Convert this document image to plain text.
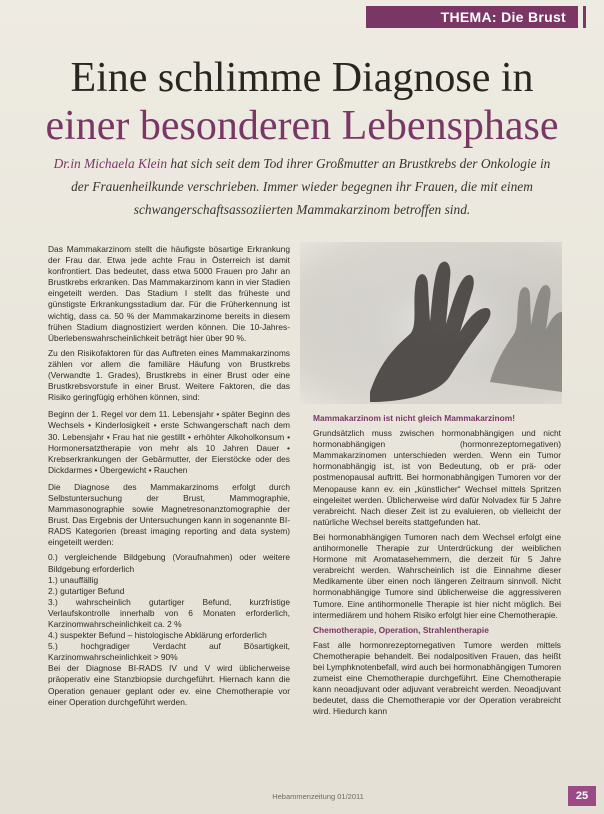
THEMA: Die Brust
Eine schlimme Diagnose in
einer besonderen Lebensphase
Dr.in Michaela Klein hat sich seit dem Tod ihrer Großmutter an Brustkrebs der Onkologie in der Frauenheilkunde verschrieben. Immer wieder begegnen ihr Frauen, die mit einem schwangerschaftsassoziierten Mammakarzinom betroffen sind.

Das Mammakarzinom stellt die häufigste bösartige Erkrankung der Frau dar. Etwa jede achte Frau in Österreich ist damit konfrontiert. Das bedeutet, dass etwa 5000 Frauen pro Jahr an Brustkrebs erkranken. Das Mammakarzinom kann in vier Stadien eingeteilt werden. Das Stadium I stellt das früheste und günstigste Erkrankungsstadium dar. Für die Früherkennung ist wichtig, dass ca. 50 % der Mammakarzinome bereits in diesem frühen Stadium diagnostiziert werden können. Die 10-Jahres-Überlebenswahrscheinlichkeit beträgt hier über 90 %.

Zu den Risikofaktoren für das Auftreten eines Mammakarzinoms zählen vor allem die familiäre Häufung von Brustkrebs (Verwandte 1. Grades), Brustkrebs in einer Brust oder eine Brustkrebsvorstufe in einer Brust. Weitere Faktoren, die das Risiko geringfügig erhöhen können, sind:

Beginn der 1. Regel vor dem 11. Lebensjahr • später Beginn des Wechsels • Kinderlosigkeit • erste Schwangerschaft nach dem 30. Lebensjahr • Frau hat nie gestillt • erhöhter Alkoholkonsum • Hormonersatztherapie von mehr als 10 Jahren Dauer • Krebserkrankungen der Gebärmutter, der Eierstöcke oder des Dickdarmes • Übergewicht • Rauchen

Die Diagnose des Mammakarzinoms erfolgt durch Selbstuntersuchung der Brust, Mammographie, Mammasonographie sowie Magnetresonanztomographie der Brust. Das Ergebnis der Untersuchungen kann in sogenannte BI-RADS Kategorien (breast imaging reporting and data system) eingeteilt werden:

0.) vergleichende Bildgebung (Voraufnahmen) oder weitere Bildgebung erforderlich
1.) unauffällig
2.) gutartiger Befund
3.) wahrscheinlich gutartiger Befund, kurzfristige Verlaufskontrolle innerhalb von 6 Monaten erforderlich, Karzinomwahrscheinlichkeit ca. 2 %
4.) suspekter Befund – histologische Abklärung erforderlich
5.) hochgradiger Verdacht auf Bösartigkeit, Karzinomwahrscheinlichkeit > 90%

Bei der Diagnose BI-RADS IV und V wird üblicherweise präoperativ eine Stanzbiopsie durchgeführt. Hiernach kann die Operation genauer geplant oder ev. eine Chemotherapie vor einer Operation durchgeführt werden.

Mammakarzinom ist nicht gleich Mammakarzinom!

Grundsätzlich muss zwischen hormonabhängigen und nicht hormonabhängigen (hormonrezeptornegativen) Mammakarzinomen unterschieden werden. Wenn ein Tumor hormonabhängig ist, ist von Bedeutung, ob er prä- oder postmenopausal auftritt. Bei hormonabhängigen Tumoren vor der Menopause kann ev. ein „künstlicher“ Wechsel mittels Spritzen eingeleitet werden. Üblicherweise wird dafür Nolvadex für 5 Jahre verabreicht. Nach dieser Zeit ist zu evaluieren, ob vielleicht der natürliche Wechsel bereits stattgefunden hat.

Bei hormonabhängigen Tumoren nach dem Wechsel erfolgt eine antihormonelle Therapie zur Unterdrückung der weiblichen Hormone mit Aromatasehemmern, die derzeit für 5 Jahre verabreicht werden. Wahrscheinlich ist die Einnahme dieser Medikamente über einen noch längeren Zeitraum sinnvoll. Nicht hormonabhängige Tumore sind üblicherweise die aggressiveren Tumore. Eine antihormonelle Therapie ist hier nicht möglich. Bei intermediärem und hohem Risiko erfolgt hier eine Chemotherapie.

Chemotherapie, Operation, Strahlentherapie

Fast alle hormonrezeptornegativen Tumore werden mittels Chemotherapie behandelt. Bei nodalpositiven Frauen, das heißt bei Lymphknotenbefall, wird auch bei hormonabhängigen Tumoren zumeist eine Chemotherapie durchgeführt. Eine Chemotherapie kann neoadjuvant oder adjuvant verabreicht werden. Neoadjuvant bedeutet, dass die Chemotherapie vor der Operation verabreicht wird. Hiedurch kann

Hebammenzeitung 01/2011	25
